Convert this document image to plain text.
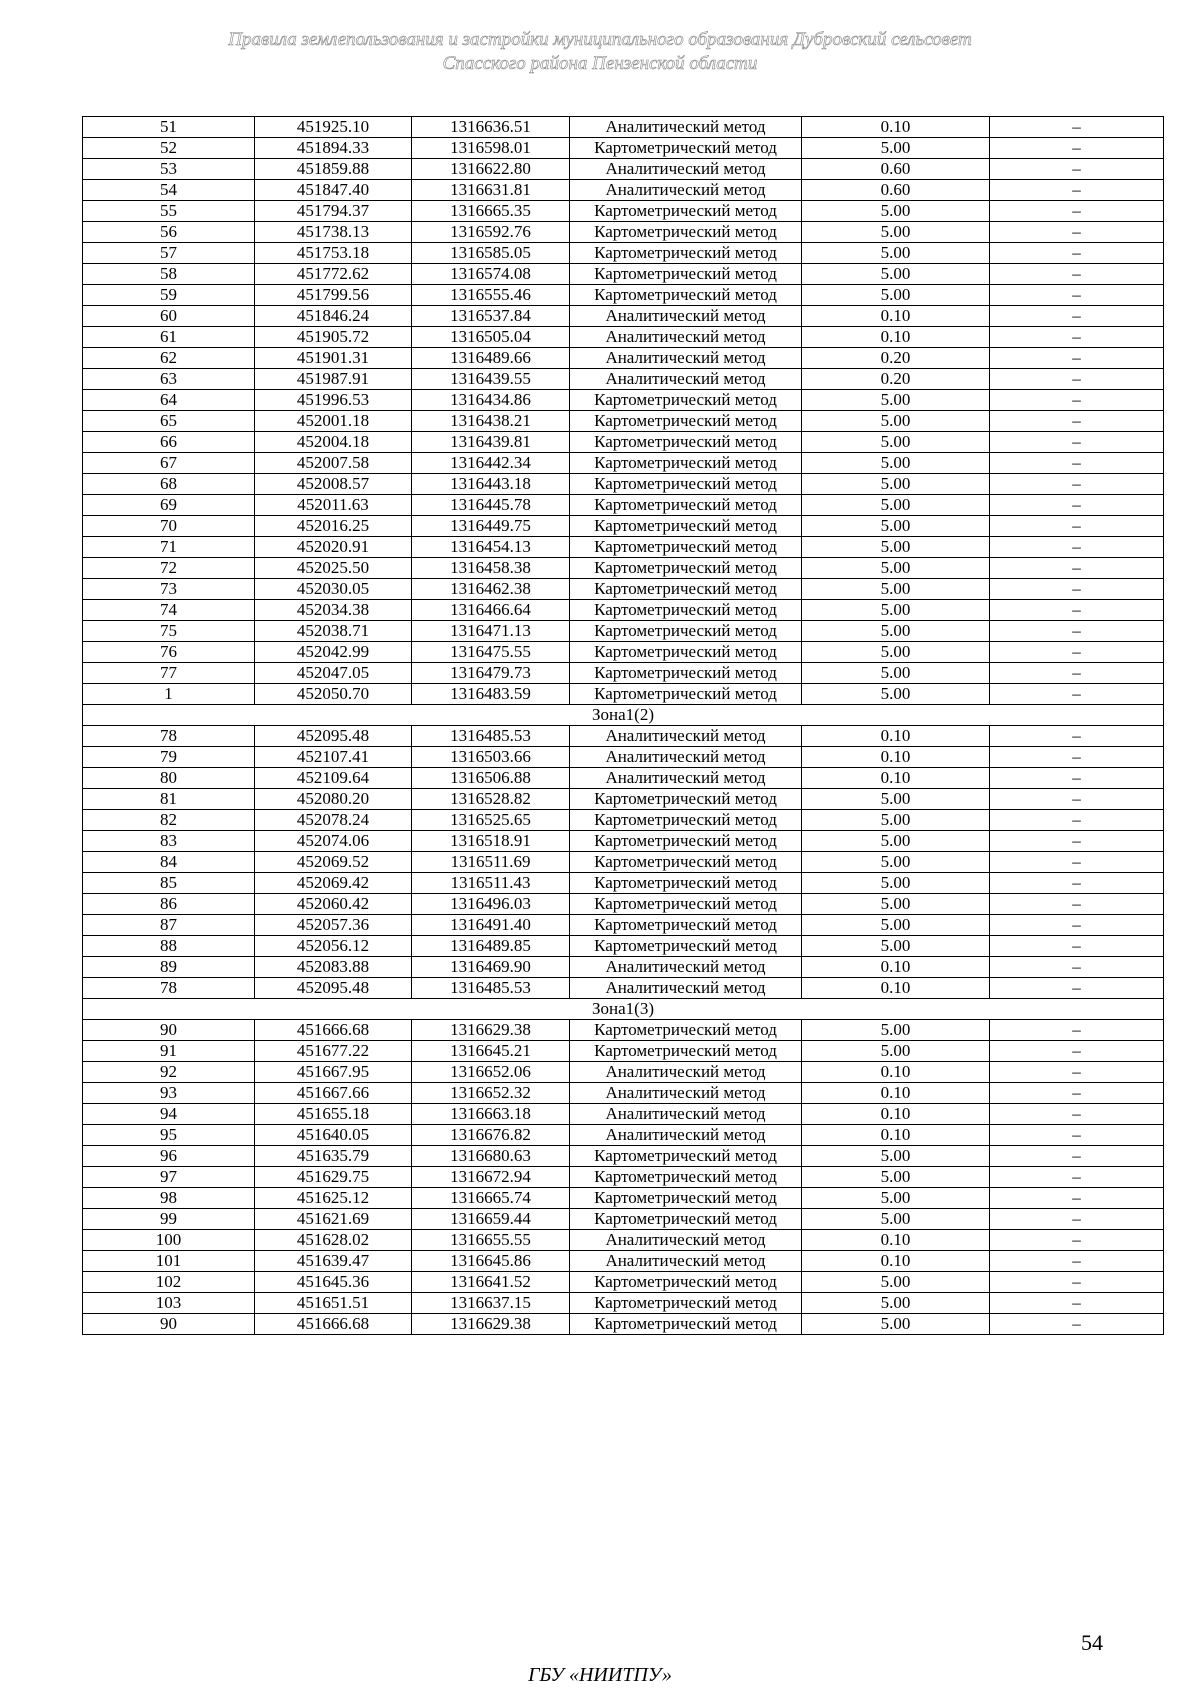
Правила землепользования и застройки муниципального образования Дубровский сельсовет
Спасского района Пензенской области
51	451925.10	1316636.51	Аналитический метод	0.10	–
52	451894.33	1316598.01	Картометрический метод	5.00	–
53	451859.88	1316622.80	Аналитический метод	0.60	–
54	451847.40	1316631.81	Аналитический метод	0.60	–
55	451794.37	1316665.35	Картометрический метод	5.00	–
56	451738.13	1316592.76	Картометрический метод	5.00	–
57	451753.18	1316585.05	Картометрический метод	5.00	–
58	451772.62	1316574.08	Картометрический метод	5.00	–
59	451799.56	1316555.46	Картометрический метод	5.00	–
60	451846.24	1316537.84	Аналитический метод	0.10	–
61	451905.72	1316505.04	Аналитический метод	0.10	–
62	451901.31	1316489.66	Аналитический метод	0.20	–
63	451987.91	1316439.55	Аналитический метод	0.20	–
64	451996.53	1316434.86	Картометрический метод	5.00	–
65	452001.18	1316438.21	Картометрический метод	5.00	–
66	452004.18	1316439.81	Картометрический метод	5.00	–
67	452007.58	1316442.34	Картометрический метод	5.00	–
68	452008.57	1316443.18	Картометрический метод	5.00	–
69	452011.63	1316445.78	Картометрический метод	5.00	–
70	452016.25	1316449.75	Картометрический метод	5.00	–
71	452020.91	1316454.13	Картометрический метод	5.00	–
72	452025.50	1316458.38	Картометрический метод	5.00	–
73	452030.05	1316462.38	Картометрический метод	5.00	–
74	452034.38	1316466.64	Картометрический метод	5.00	–
75	452038.71	1316471.13	Картометрический метод	5.00	–
76	452042.99	1316475.55	Картометрический метод	5.00	–
77	452047.05	1316479.73	Картометрический метод	5.00	–
1	452050.70	1316483.59	Картометрический метод	5.00	–
Зона1(2)					
78	452095.48	1316485.53	Аналитический метод	0.10	–
79	452107.41	1316503.66	Аналитический метод	0.10	–
80	452109.64	1316506.88	Аналитический метод	0.10	–
81	452080.20	1316528.82	Картометрический метод	5.00	–
82	452078.24	1316525.65	Картометрический метод	5.00	–
83	452074.06	1316518.91	Картометрический метод	5.00	–
84	452069.52	1316511.69	Картометрический метод	5.00	–
85	452069.42	1316511.43	Картометрический метод	5.00	–
86	452060.42	1316496.03	Картометрический метод	5.00	–
87	452057.36	1316491.40	Картометрический метод	5.00	–
88	452056.12	1316489.85	Картометрический метод	5.00	–
89	452083.88	1316469.90	Аналитический метод	0.10	–
78	452095.48	1316485.53	Аналитический метод	0.10	–
Зона1(3)					
90	451666.68	1316629.38	Картометрический метод	5.00	–
91	451677.22	1316645.21	Картометрический метод	5.00	–
92	451667.95	1316652.06	Аналитический метод	0.10	–
93	451667.66	1316652.32	Аналитический метод	0.10	–
94	451655.18	1316663.18	Аналитический метод	0.10	–
95	451640.05	1316676.82	Аналитический метод	0.10	–
96	451635.79	1316680.63	Картометрический метод	5.00	–
97	451629.75	1316672.94	Картометрический метод	5.00	–
98	451625.12	1316665.74	Картометрический метод	5.00	–
99	451621.69	1316659.44	Картометрический метод	5.00	–
100	451628.02	1316655.55	Аналитический метод	0.10	–
101	451639.47	1316645.86	Аналитический метод	0.10	–
102	451645.36	1316641.52	Картометрический метод	5.00	–
103	451651.51	1316637.15	Картометрический метод	5.00	–
90	451666.68	1316629.38	Картометрический метод	5.00	–
54
ГБУ «НИИТПУ»
